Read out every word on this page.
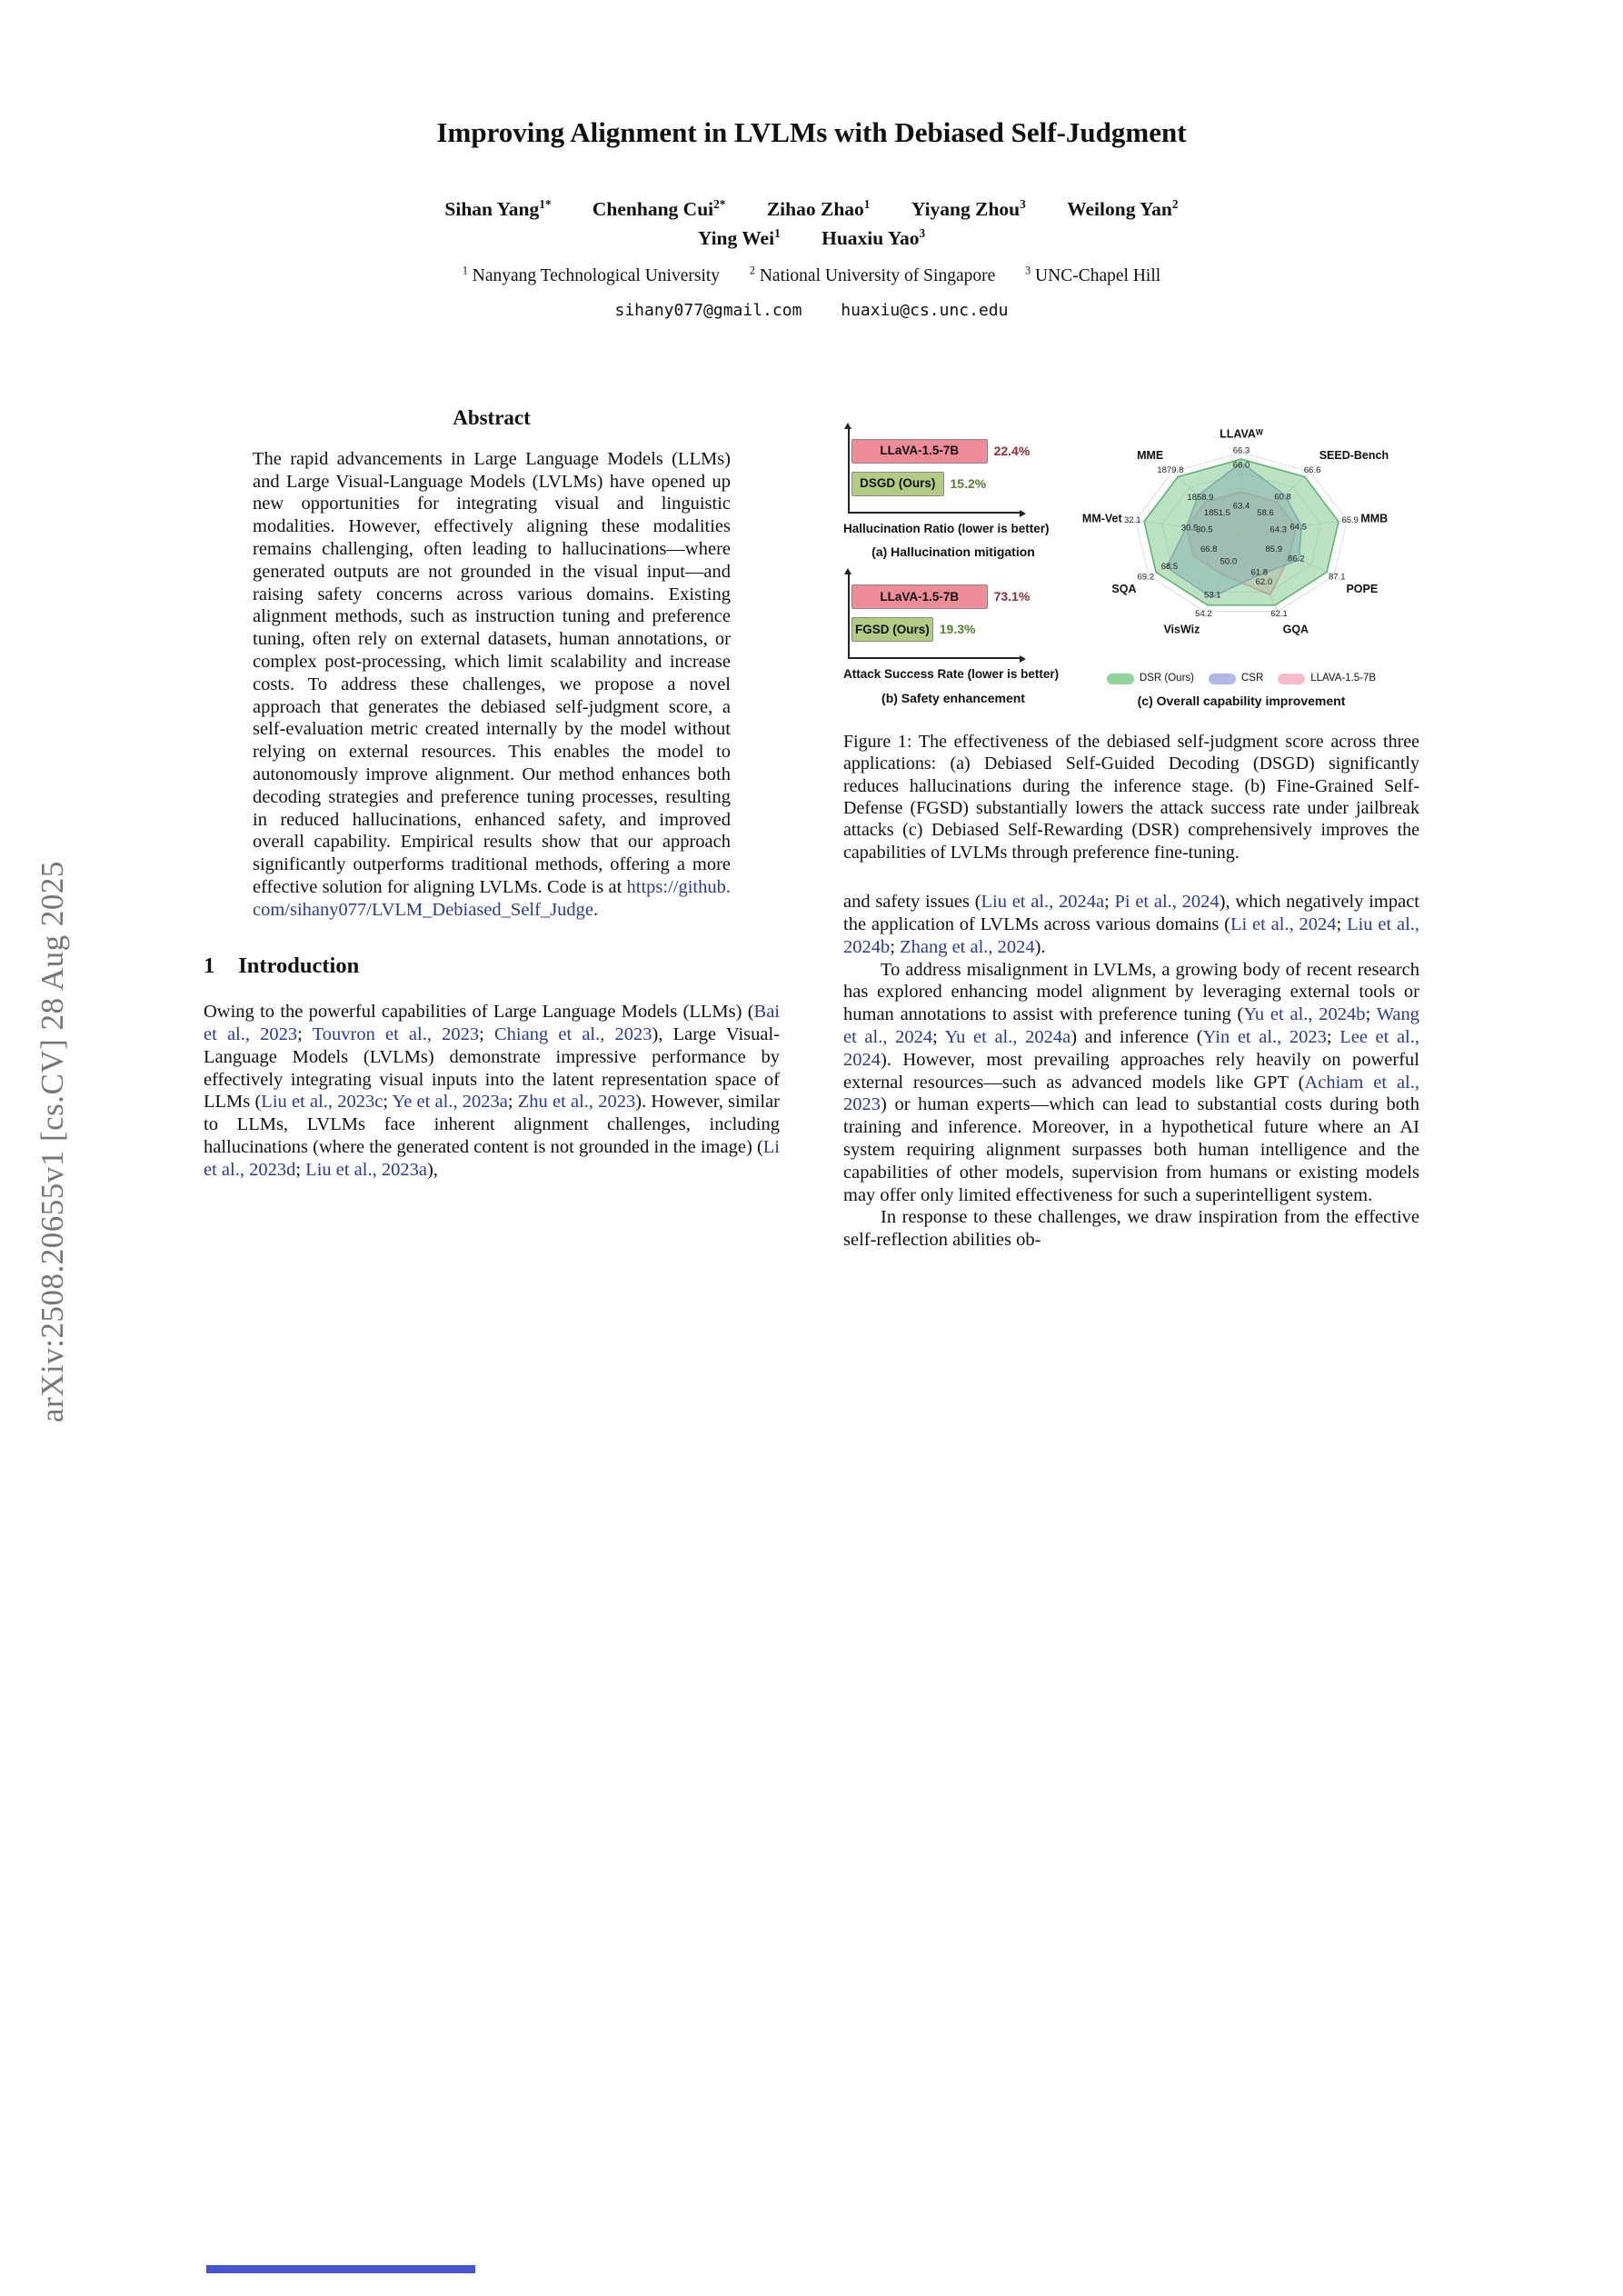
arXiv:2508.20655v1 [cs.CV] 28 Aug 2025
Improving Alignment in LVLMs with Debiased Self-Judgment
Sihan Yang$^{1*}$ Chenhang Cui$^{2*}$ Zihao Zhao$^1$ Yiyang Zhou$^3$ Weilong Yan$^2$
Ying Wei$^1$ Huaxiu Yao$^3$
$^1$ Nanyang Technological University	$^2$ National University of Singapore	$^3$ UNC-Chapel Hill
sihany077@gmail.com huaxiu@cs.unc.edu
Abstract

The rapid advancements in Large Language Models (LLMs) and Large Visual-Language Models (LVLMs) have opened up new opportunities for integrating visual and linguistic modalities. However, effectively aligning these modalities remains challenging, often leading to hallucinations—where generated outputs are not grounded in the visual input—and raising safety concerns across various domains. Existing alignment methods, such as instruction tuning and preference tuning, often rely on external datasets, human annotations, or complex post-processing, which limit scalability and increase costs. To address these challenges, we propose a novel approach that generates the debiased self-judgment score, a self-evaluation metric created internally by the model without relying on external resources. This enables the model to autonomously improve alignment. Our method enhances both decoding strategies and preference tuning processes, resulting in reduced hallucinations, enhanced safety, and improved overall capability. Empirical results show that our approach significantly outperforms traditional methods, offering a more effective solution for aligning LVLMs. Code is at https://github.com/sihany077/LVLM_Debiased_Self_Judge.

1 Introduction

Owing to the powerful capabilities of Large Language Models (LLMs) (Bai et al., 2023; Touvron et al., 2023; Chiang et al., 2023), Large Visual-Language Models (LVLMs) demonstrate impressive performance by effectively integrating visual inputs into the latent representation space of LLMs (Liu et al., 2023c; Ye et al., 2023a; Zhu et al., 2023). However, similar to LLMs, LVLMs face inherent alignment challenges, including hallucinations (where the generated content is not grounded in the image) (Li et al., 2023d; Liu et al., 2023a),

LLaVA-1.5-7B	22.4%
DSGD (Ours)	15.2%
Hallucination Ratio (lower is better)
(a) Hallucination mitigation
LLaVA-1.5-7B	73.1%
FGSD (Ours) 19.3%
Attack Success Rate (lower is better)
(b) Safety enhancement
66.3
66.6
65.9
87.1
62.1
54.2
69.2
32.1
1879.8	66.0
60.8
64.5
86.2
61.8
53.1
68.5
30.5
1858.9
63.4
58.6
64.3
85.9
62.0
50.0
66.8
30.5
1851.5
LLAVAᵂ
SEED-Bench
MMB
POPE
GQA
VisWiz
SQA
MM-Vet
MME
DSR (Ours)	CSR	LLAVA-1.5-7B
(c) Overall capability improvement
Figure 1: The effectiveness of the debiased self-judgment score across three applications: (a) Debiased Self-Guided Decoding (DSGD) significantly reduces hallucinations during the inference stage. (b) Fine-Grained Self-Defense (FGSD) substantially lowers the attack success rate under jailbreak attacks (c) Debiased Self-Rewarding (DSR) comprehensively improves the capabilities of LVLMs through preference fine-tuning.

and safety issues (Liu et al., 2024a; Pi et al., 2024), which negatively impact the application of LVLMs across various domains (Li et al., 2024; Liu et al., 2024b; Zhang et al., 2024).

To address misalignment in LVLMs, a growing body of recent research has explored enhancing model alignment by leveraging external tools or human annotations to assist with preference tuning (Yu et al., 2024b; Wang et al., 2024; Yu et al., 2024a) and inference (Yin et al., 2023; Lee et al., 2024). However, most prevailing approaches rely heavily on powerful external resources—such as advanced models like GPT (Achiam et al., 2023) or human experts—which can lead to substantial costs during both training and inference. Moreover, in a hypothetical future where an AI system requiring alignment surpasses both human intelligence and the capabilities of other models, supervision from humans or existing models may offer only limited effectiveness for such a superintelligent system.

In response to these challenges, we draw inspiration from the effective self-reflection abilities ob-
